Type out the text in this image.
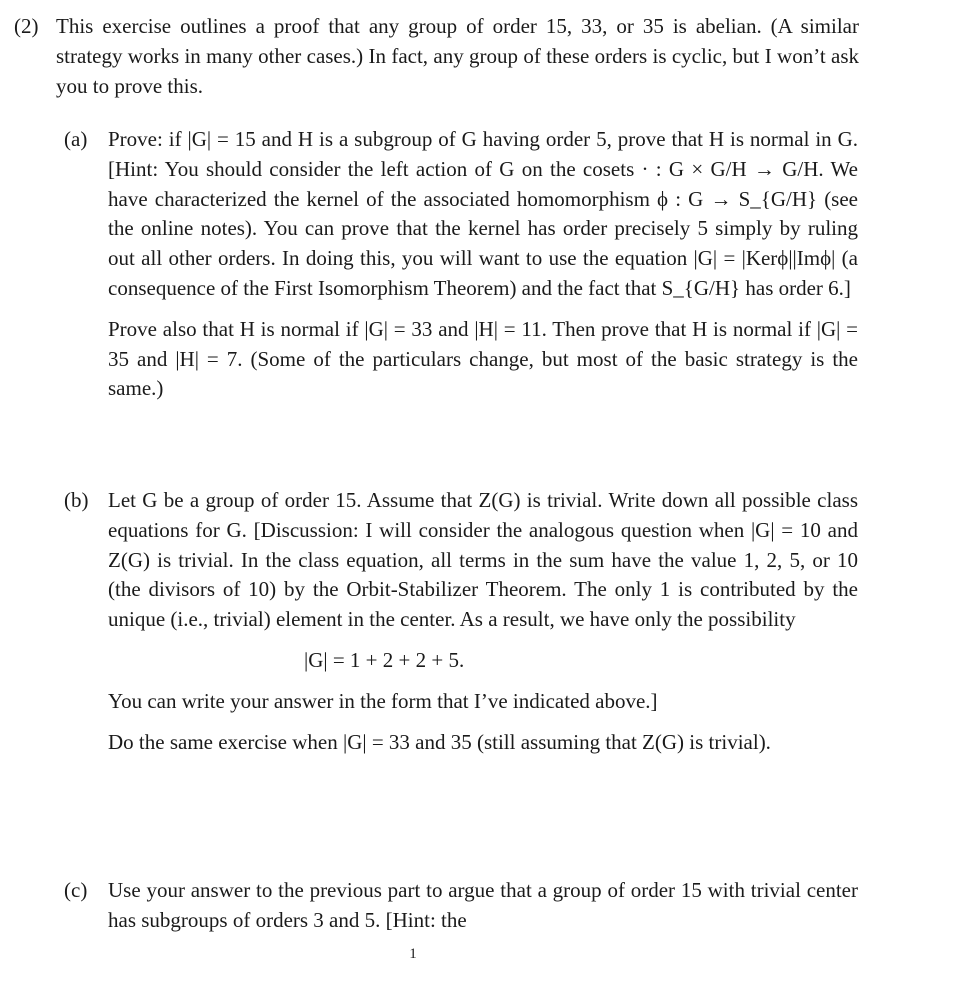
(2) This exercise outlines a proof that any group of order 15, 33, or 35 is abelian. (A similar strategy works in many other cases.) In fact, any group of these orders is cyclic, but I won’t ask you to prove this.
(a) Prove: if |G| = 15 and H is a subgroup of G having order 5, prove that H is normal in G. [Hint: You should consider the left action of G on the cosets · : G × G/H → G/H. We have characterized the kernel of the associated homomorphism ϕ : G → S_{G/H} (see the online notes). You can prove that the kernel has order precisely 5 simply by ruling out all other orders. In doing this, you will want to use the equation |G| = |Kerϕ||Imϕ| (a consequence of the First Isomorphism Theorem) and the fact that S_{G/H} has order 6.]

Prove also that H is normal if |G| = 33 and |H| = 11. Then prove that H is normal if |G| = 35 and |H| = 7. (Some of the particulars change, but most of the basic strategy is the same.)

(b) Let G be a group of order 15. Assume that Z(G) is trivial. Write down all possible class equations for G. [Discussion: I will consider the analogous question when |G| = 10 and Z(G) is trivial. In the class equation, all terms in the sum have the value 1, 2, 5, or 10 (the divisors of 10) by the Orbit-Stabilizer Theorem. The only 1 is contributed by the unique (i.e., trivial) element in the center. As a result, we have only the possibility

|G| = 1 + 2 + 2 + 5.

You can write your answer in the form that I’ve indicated above.]

Do the same exercise when |G| = 33 and 35 (still assuming that Z(G) is trivial).

(c) Use your answer to the previous part to argue that a group of order 15 with trivial center has subgroups of orders 3 and 5. [Hint: the

1
